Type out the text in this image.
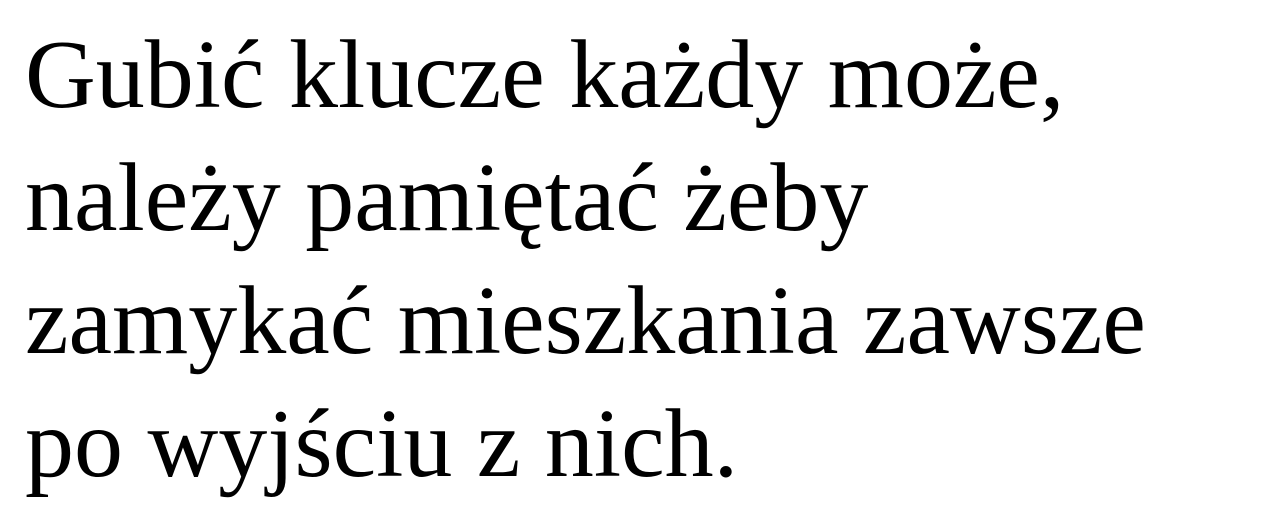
Gubić klucze każdy może,
należy pamiętać żeby
zamykać mieszkania zawsze
po wyjściu z nich.
